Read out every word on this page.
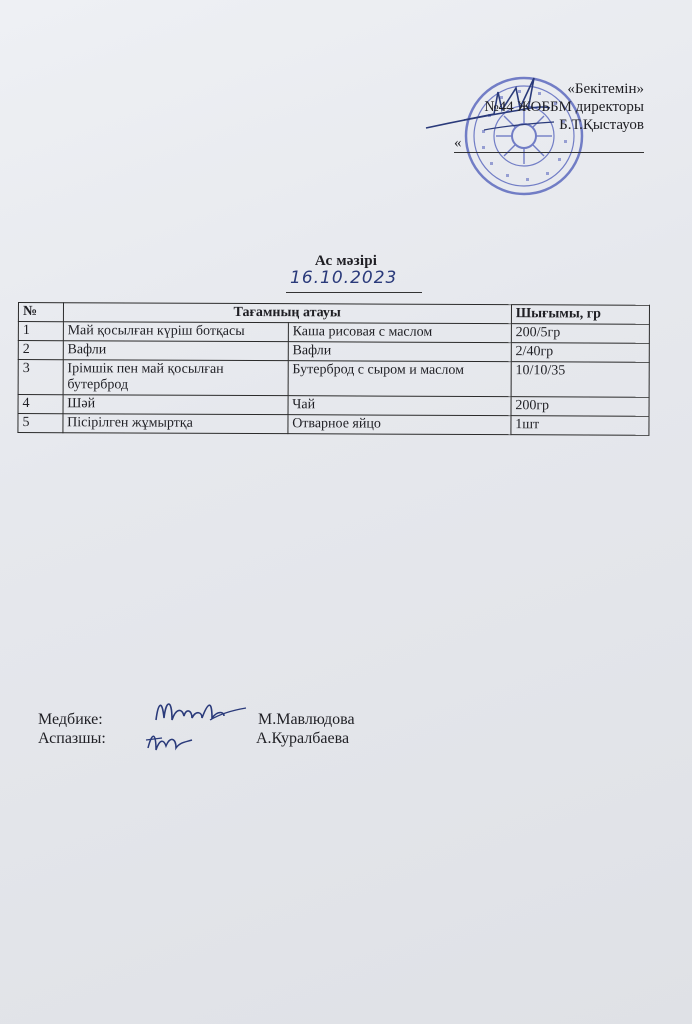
«Бекітемін»
№44 ЖОББМ директоры
Б.Т.Қыстауов
«
Ас мәзірі
16.10.2023
№	Тағамның атауы		Шығымы, гр
1	Май қосылған күріш ботқасы	Каша рисовая с маслом	200/5гр
2	Вафли	Вафли	2/40гр
3	Ірімшік пен май қосылған бутерброд	Бутерброд с сыром и маслом	10/10/35
4	Шәй	Чай	200гр
5	Пісірілген жұмыртқа	Отварное яйцо	1шт
Медбике:	М.Мавлюдова
Аспазшы:	А.Куралбаева
